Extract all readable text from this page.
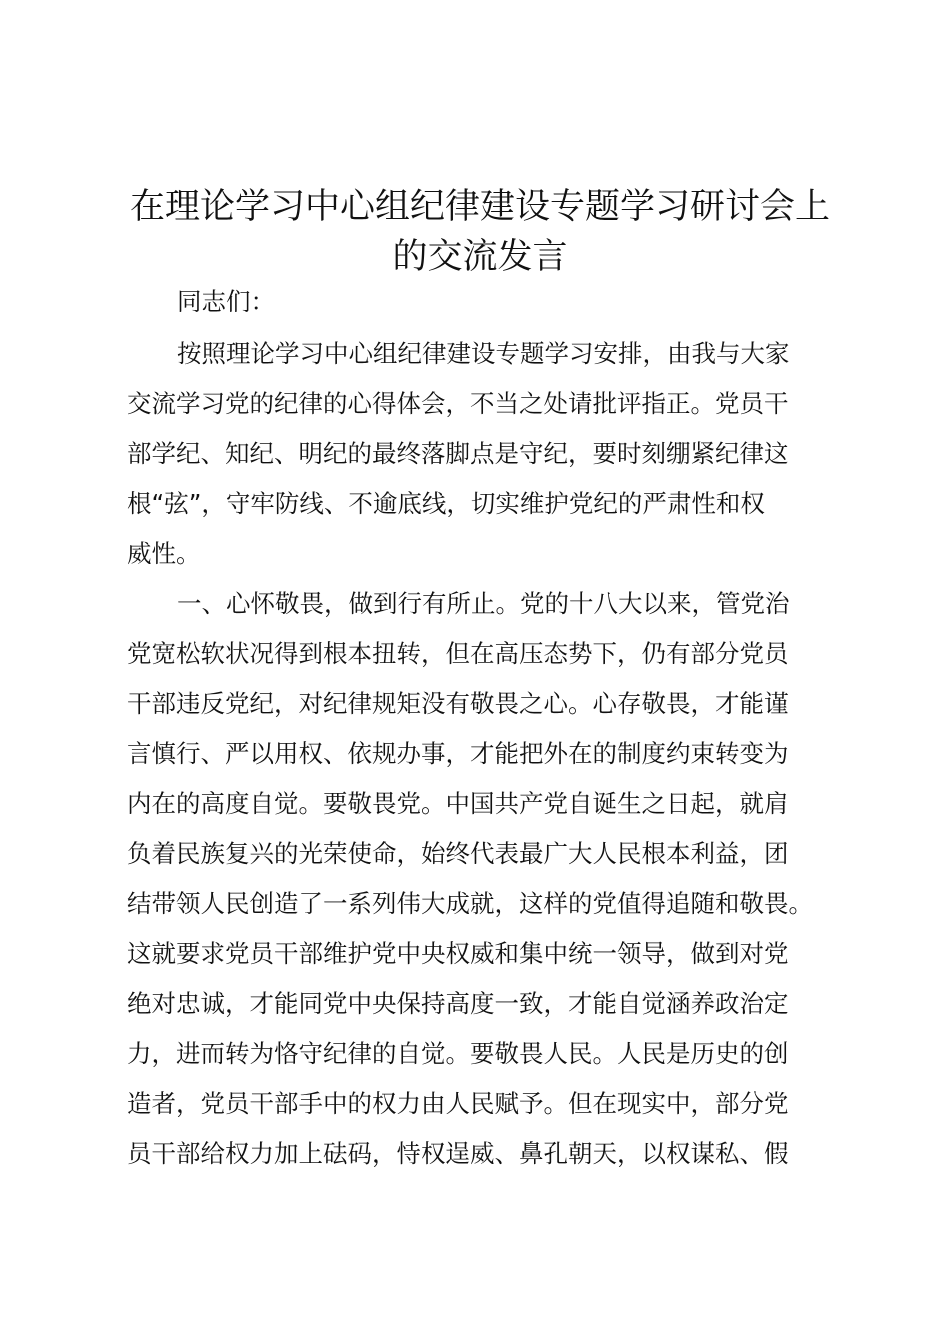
在理论学习中心组纪律建设专题学习研讨会上
的交流发言

同志们：

按照理论学习中心组纪律建设专题学习安排，由我与大家

交流学习党的纪律的心得体会，不当之处请批评指正。党员干

部学纪、知纪、明纪的最终落脚点是守纪，要时刻绷紧纪律这

根“弦”，守牢防线、不逾底线，切实维护党纪的严肃性和权

威性。

一、心怀敬畏，做到行有所止。党的十八大以来，管党治

党宽松软状况得到根本扭转，但在高压态势下，仍有部分党员

干部违反党纪，对纪律规矩没有敬畏之心。心存敬畏，才能谨

言慎行、严以用权、依规办事，才能把外在的制度约束转变为

内在的高度自觉。要敬畏党。中国共产党自诞生之日起，就肩

负着民族复兴的光荣使命，始终代表最广大人民根本利益，团

结带领人民创造了一系列伟大成就，这样的党值得追随和敬畏。

这就要求党员干部维护党中央权威和集中统一领导，做到对党

绝对忠诚，才能同党中央保持高度一致，才能自觉涵养政治定

力，进而转为恪守纪律的自觉。要敬畏人民。人民是历史的创

造者，党员干部手中的权力由人民赋予。但在现实中，部分党

员干部给权力加上砝码，恃权逞威、鼻孔朝天，以权谋私、假
